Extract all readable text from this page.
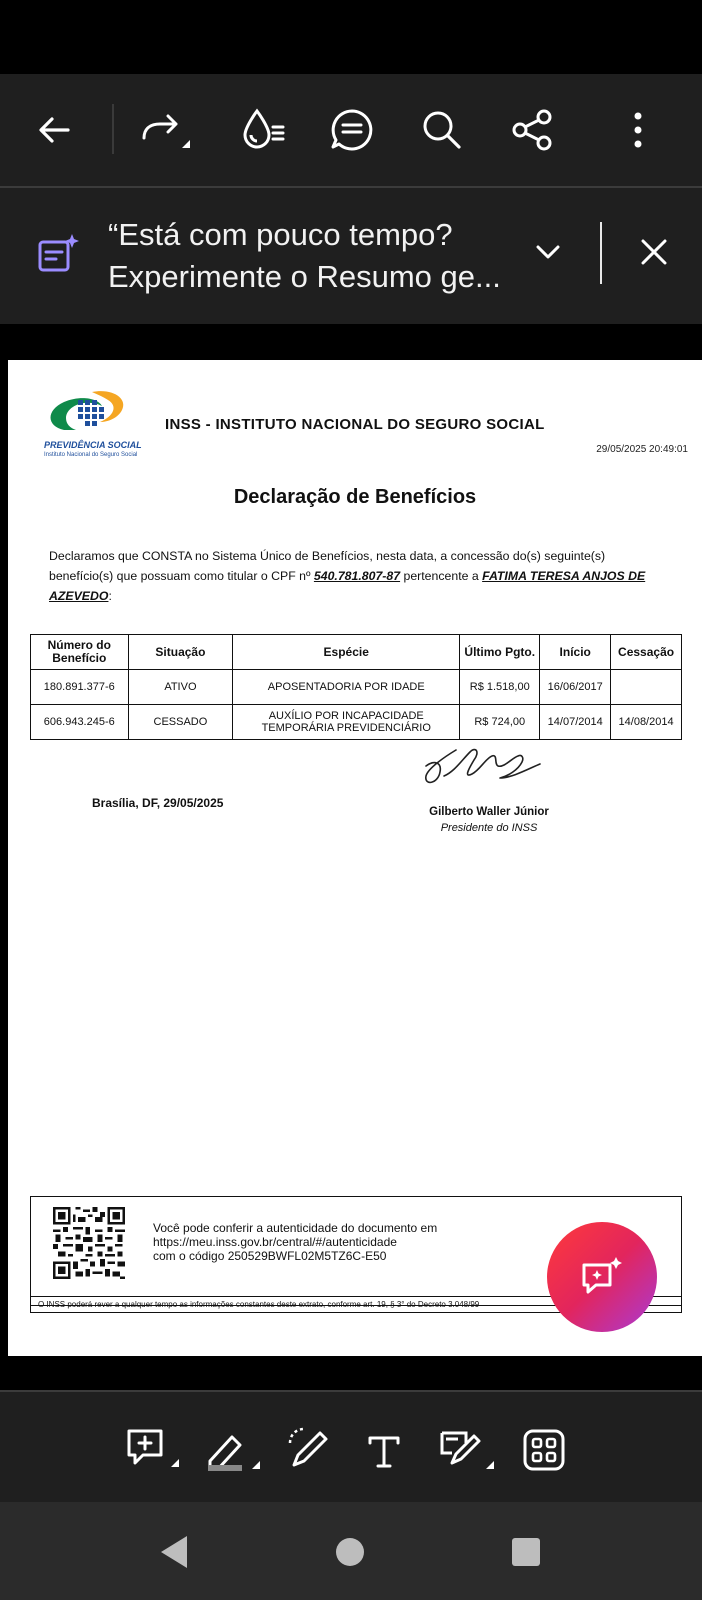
“Está com pouco tempo?
Experimente o Resumo ge...
PREVIDÊNCIA SOCIAL
Instituto Nacional do Seguro Social
INSS - INSTITUTO NACIONAL DO SEGURO SOCIAL
29/05/2025 20:49:01
Declaração de Benefícios
Declaramos que CONSTA no Sistema Único de Benefícios, nesta data, a concessão do(s) seguinte(s) benefício(s) que possuam como titular o CPF nº 540.781.807-87 pertencente a FATIMA TERESA ANJOS DE AZEVEDO:
Número do Benefício	Situação	Espécie	Último Pgto.	Início	Cessação
180.891.377-6	ATIVO	APOSENTADORIA POR IDADE	R$ 1.518,00	16/06/2017	
606.943.245-6	CESSADO	AUXÍLIO POR INCAPACIDADE TEMPORÁRIA PREVIDENCIÁRIO	R$ 724,00	14/07/2014	14/08/2014
Brasília, DF, 29/05/2025
Gilberto Waller Júnior
Presidente do INSS
Você pode conferir a autenticidade do documento em
https://meu.inss.gov.br/central/#/autenticidade
com o código 250529BWFL02M5TZ6C-E50
O INSS poderá rever a qualquer tempo as informações constantes deste extrato, conforme art. 19, § 3° do Decreto 3.048/99
